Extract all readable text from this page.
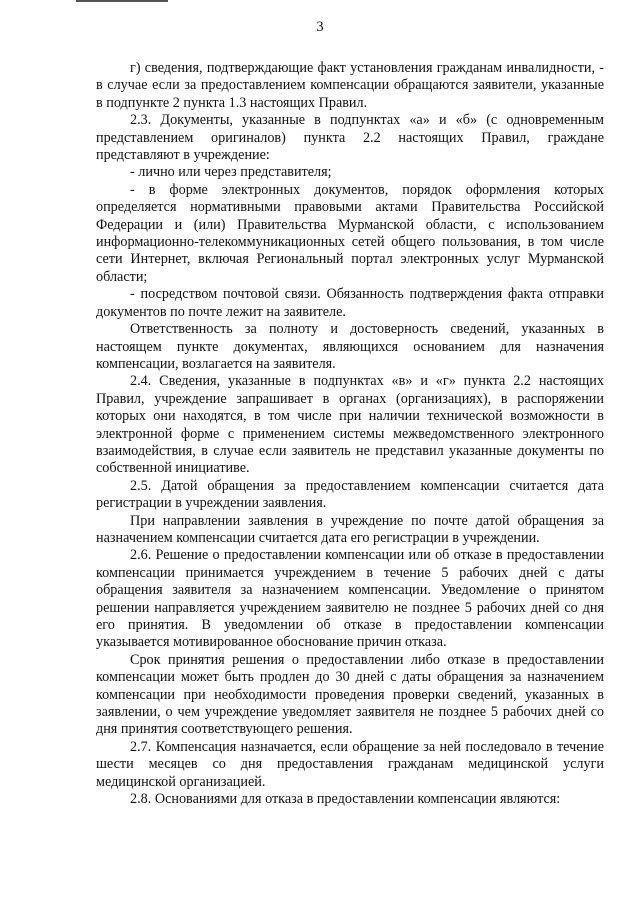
3

г) сведения, подтверждающие факт установления гражданам инвалидности, - в случае если за предоставлением компенсации обращаются заявители, указанные в подпункте 2 пункта 1.3 настоящих Правил.

2.3. Документы, указанные в подпунктах «а» и «б» (с одновременным представлением оригиналов) пункта 2.2 настоящих Правил, граждане представляют в учреждение:

- лично или через представителя;

- в форме электронных документов, порядок оформления которых определяется нормативными правовыми актами Правительства Российской Федерации и (или) Правительства Мурманской области, с использованием информационно-телекоммуникационных сетей общего пользования, в том числе сети Интернет, включая Региональный портал электронных услуг Мурманской области;

- посредством почтовой связи. Обязанность подтверждения факта отправки документов по почте лежит на заявителе.

Ответственность за полноту и достоверность сведений, указанных в настоящем пункте документах, являющихся основанием для назначения компенсации, возлагается на заявителя.

2.4. Сведения, указанные в подпунктах «в» и «г» пункта 2.2 настоящих Правил, учреждение запрашивает в органах (организациях), в распоряжении которых они находятся, в том числе при наличии технической возможности в электронной форме с применением системы межведомственного электронного взаимодействия, в случае если заявитель не представил указанные документы по собственной инициативе.

2.5. Датой обращения за предоставлением компенсации считается дата регистрации в учреждении заявления.

При направлении заявления в учреждение по почте датой обращения за назначением компенсации считается дата его регистрации в учреждении.

2.6. Решение о предоставлении компенсации или об отказе в предоставлении компенсации принимается учреждением в течение 5 рабочих дней с даты обращения заявителя за назначением компенсации. Уведомление о принятом решении направляется учреждением заявителю не позднее 5 рабочих дней со дня его принятия. В уведомлении об отказе в предоставлении компенсации указывается мотивированное обоснование причин отказа.

Срок принятия решения о предоставлении либо отказе в предоставлении компенсации может быть продлен до 30 дней с даты обращения за назначением компенсации при необходимости проведения проверки сведений, указанных в заявлении, о чем учреждение уведомляет заявителя не позднее 5 рабочих дней со дня принятия соответствующего решения.

2.7. Компенсация назначается, если обращение за ней последовало в течение шести месяцев со дня предоставления гражданам медицинской услуги медицинской организацией.

2.8. Основаниями для отказа в предоставлении компенсации являются:
